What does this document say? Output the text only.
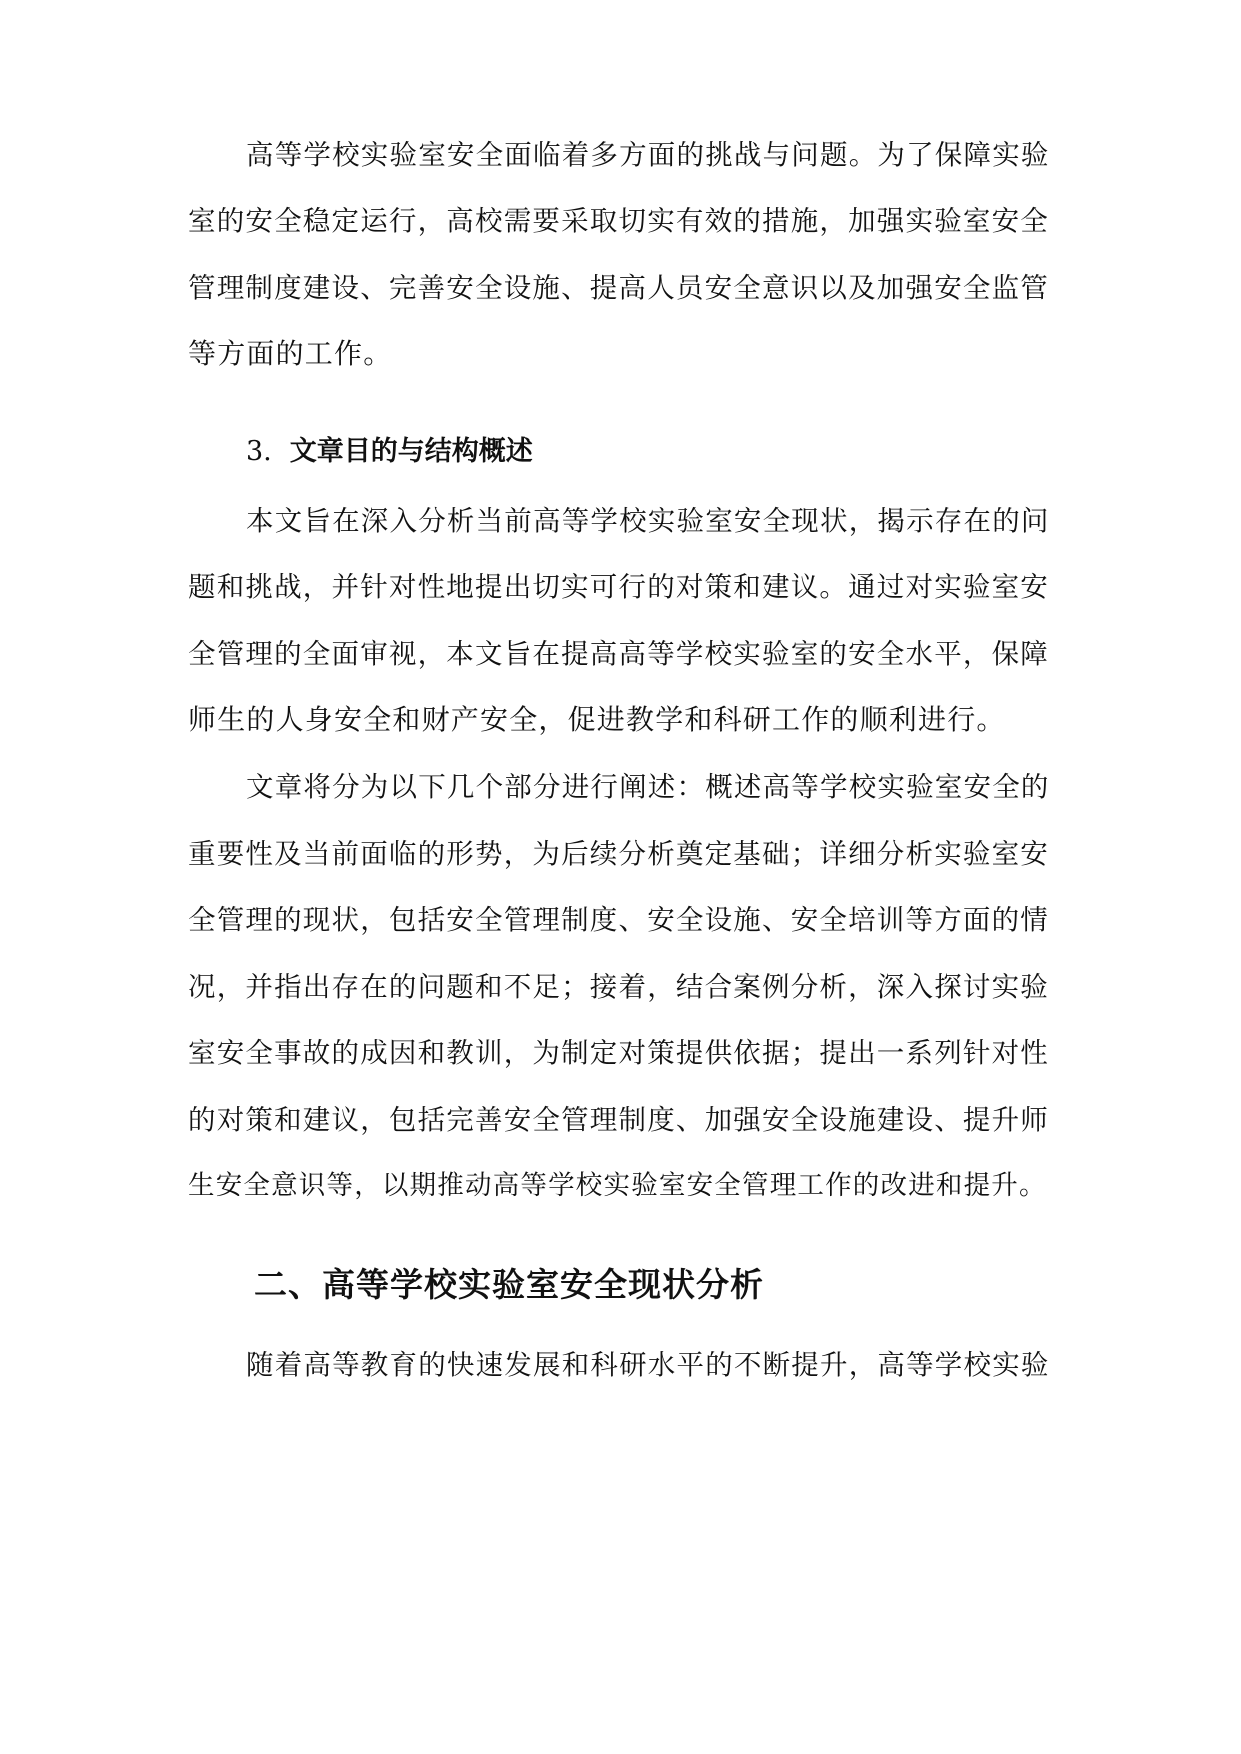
高等学校实验室安全面临着多方面的挑战与问题。为了保障实验
室的安全稳定运行，高校需要采取切实有效的措施，加强实验室安全
管理制度建设、完善安全设施、提高人员安全意识以及加强安全监管
等方面的工作。
3. 文章目的与结构概述
本文旨在深入分析当前高等学校实验室安全现状，揭示存在的问
题和挑战，并针对性地提出切实可行的对策和建议。通过对实验室安
全管理的全面审视，本文旨在提高高等学校实验室的安全水平，保障
师生的人身安全和财产安全，促进教学和科研工作的顺利进行。
文章将分为以下几个部分进行阐述：概述高等学校实验室安全的
重要性及当前面临的形势，为后续分析奠定基础；详细分析实验室安
全管理的现状，包括安全管理制度、安全设施、安全培训等方面的情
况，并指出存在的问题和不足；接着，结合案例分析，深入探讨实验
室安全事故的成因和教训，为制定对策提供依据；提出一系列针对性
的对策和建议，包括完善安全管理制度、加强安全设施建设、提升师
生安全意识等，以期推动高等学校实验室安全管理工作的改进和提升。
二、高等学校实验室安全现状分析
随着高等教育的快速发展和科研水平的不断提升，高等学校实验
